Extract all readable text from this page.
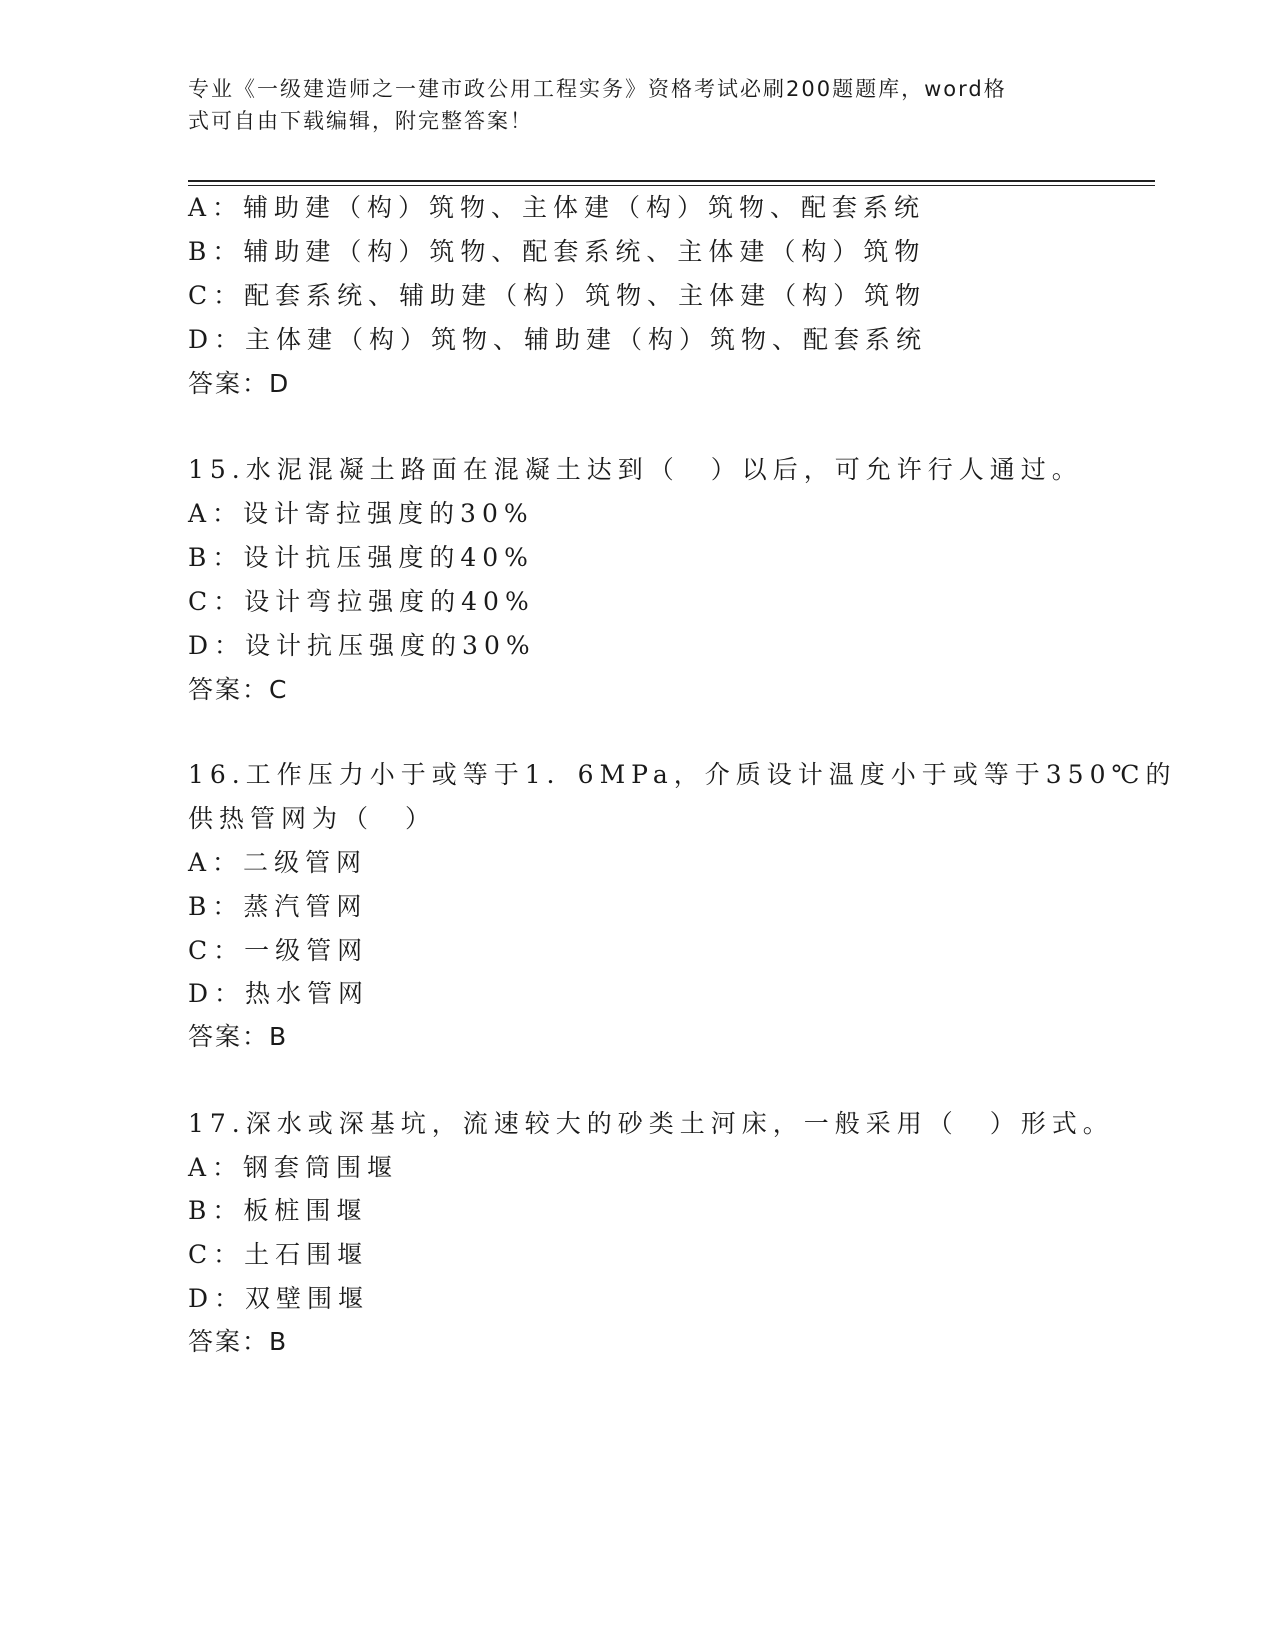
专业《一级建造师之一建市政公用工程实务》资格考试必刷200题题库，word格
式可自由下载编辑，附完整答案！
A：辅助建（构）筑物、主体建（构）筑物、配套系统
B：辅助建（构）筑物、配套系统、主体建（构）筑物
C：配套系统、辅助建（构）筑物、主体建（构）筑物
D：主体建（构）筑物、辅助建（构）筑物、配套系统
答案：D
15.水泥混凝土路面在混凝土达到（　）以后，可允许行人通过。
A：设计寄拉强度的30%
B：设计抗压强度的40%
C：设计弯拉强度的40%
D：设计抗压强度的30%
答案：C
16.工作压力小于或等于1．6MPa，介质设计温度小于或等于350℃的
供热管网为（　）
A：二级管网
B：蒸汽管网
C：一级管网
D：热水管网
答案：B
17.深水或深基坑，流速较大的砂类土河床，一般采用（　）形式。
A：钢套筒围堰
B：板桩围堰
C：土石围堰
D：双壁围堰
答案：B
